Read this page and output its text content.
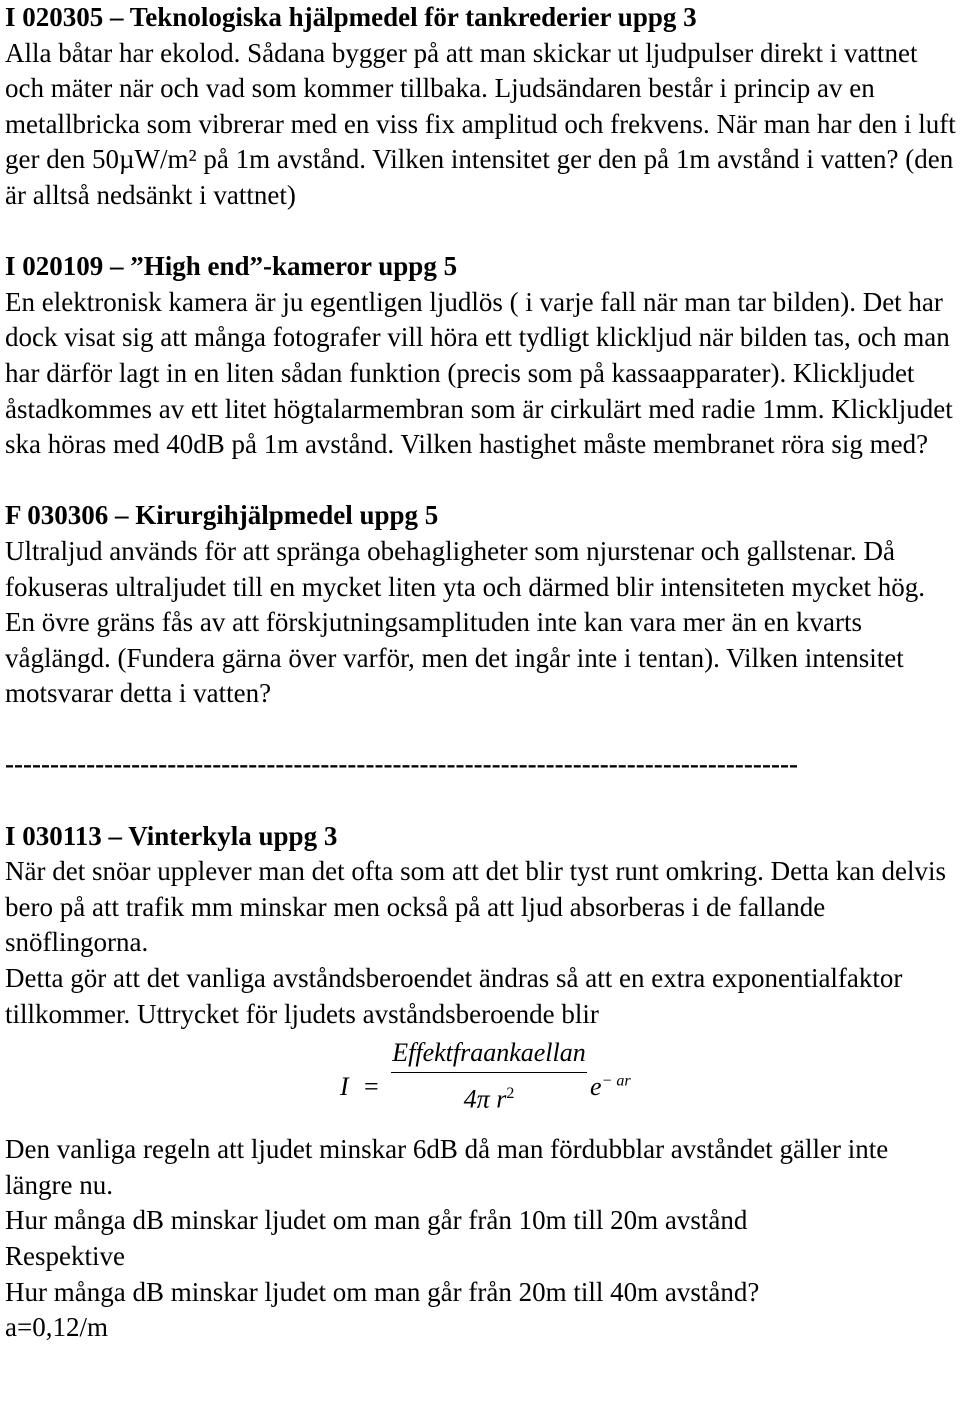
I 020305 – Teknologiska hjälpmedel för tankrederier uppg 3

Alla båtar har ekolod. Sådana bygger på att man skickar ut ljudpulser direkt i vattnet och mäter när och vad som kommer tillbaka. Ljudsändaren består i princip av en metallbricka som vibrerar med en viss fix amplitud och frekvens. När man har den i luft ger den 50µW/m² på 1m avstånd. Vilken intensitet ger den på 1m avstånd i vatten? (den är alltså nedsänkt i vattnet)

I 020109 – ”High end”-kameror uppg 5

En elektronisk kamera är ju egentligen ljudlös ( i varje fall när man tar bilden). Det har dock visat sig att många fotografer vill höra ett tydligt klickljud när bilden tas, och man har därför lagt in en liten sådan funktion (precis som på kassaapparater). Klickljudet åstadkommes av ett litet högtalarmembran som är cirkulärt med radie 1mm. Klickljudet ska höras med 40dB på 1m avstånd. Vilken hastighet måste membranet röra sig med?

F 030306 – Kirurgihjälpmedel uppg 5

Ultraljud används för att spränga obehagligheter som njurstenar och gallstenar. Då fokuseras ultraljudet till en mycket liten yta och därmed blir intensiteten mycket hög. En övre gräns fås av att förskjutningsamplituden inte kan vara mer än en kvarts våglängd. (Fundera gärna över varför, men det ingår inte i tentan). Vilken intensitet motsvarar detta i vatten?

----------------------------------------------------------------------------------------

I 030113 – Vinterkyla uppg 3

När det snöar upplever man det ofta som att det blir tyst runt omkring. Detta kan delvis bero på att trafik mm minskar men också på att ljud absorberas i de fallande snöflingorna.

Detta gör att det vanliga avståndsberoendet ändras så att en extra exponentialfaktor tillkommer. Uttrycket för ljudets avståndsberoende blir

I =
Effektfraankaellan
4π $r^2$	$e^{- ar}$

Den vanliga regeln att ljudet minskar 6dB då man fördubblar avståndet gäller inte längre nu.

Hur många dB minskar ljudet om man går från 10m till 20m avstånd

Respektive

Hur många dB minskar ljudet om man går från 20m till 40m avstånd?

a=0,12/m
